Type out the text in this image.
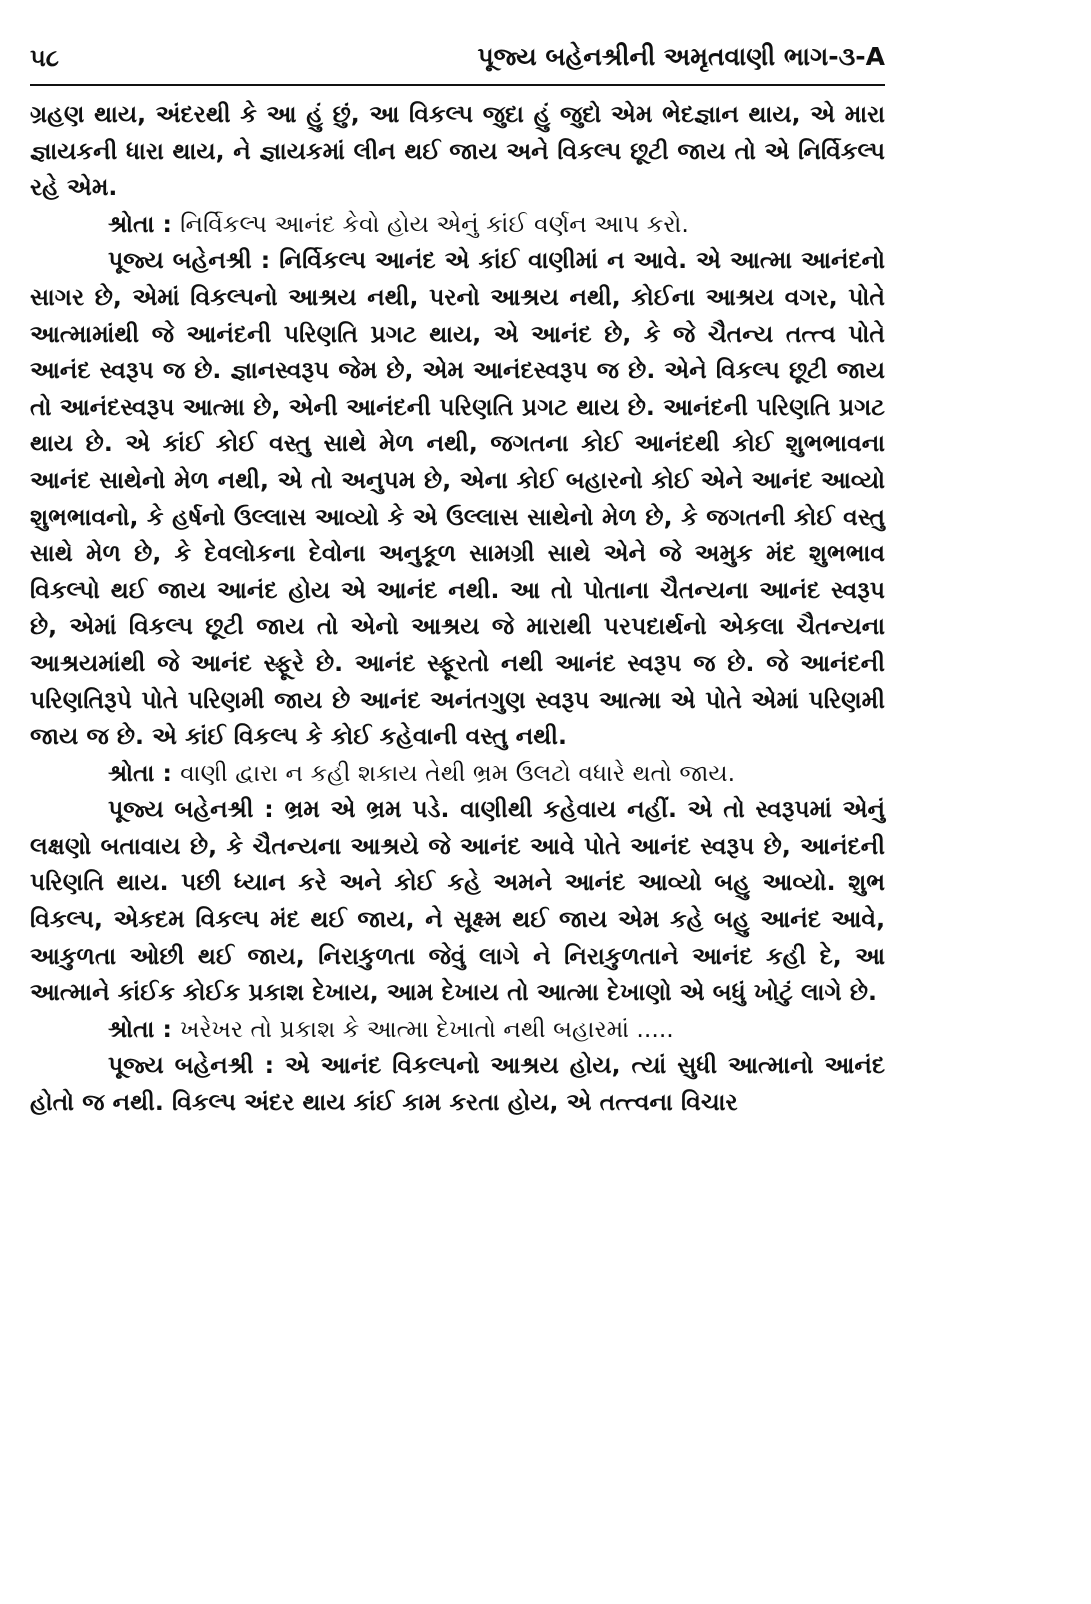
૫૮	પૂજ્ય બહેનશ્રીની અમૃતવાણી ભાગ-૩-A

ગ્રહણ થાય, અંદરથી કે આ હું છું, આ વિકલ્પ જુદા હું જુદો એમ ભેદજ્ઞાન થાય, એ મારા જ્ઞાયકની ધારા થાય, ને જ્ઞાયકમાં લીન થઈ જાય અને વિકલ્પ છૂટી જાય તો એ નિર્વિકલ્પ રહે એમ.

શ્રોતા : નિર્વિકલ્પ આનંદ કેવો હોય એનું કાંઈ વર્ણન આપ કરો.

પૂજ્ય બહેનશ્રી : નિર્વિકલ્પ આનંદ એ કાંઈ વાણીમાં ન આવે. એ આત્મા આનંદનો સાગર છે, એમાં વિકલ્પનો આશ્રય નથી, પરનો આશ્રય નથી, કોઈના આશ્રય વગર, પોતે આત્મામાંથી જે આનંદની પરિણતિ પ્રગટ થાય, એ આનંદ છે, કે જે ચૈતન્ય તત્ત્વ પોતે આનંદ સ્વરૂપ જ છે. જ્ઞાનસ્વરૂપ જેમ છે, એમ આનંદસ્વરૂપ જ છે. એને વિકલ્પ છૂટી જાય તો આનંદસ્વરૂપ આત્મા છે, એની આનંદની પરિણતિ પ્રગટ થાય છે. આનંદની પરિણતિ પ્રગટ થાય છે. એ કાંઈ કોઈ વસ્તુ સાથે મેળ નથી, જગતના કોઈ આનંદથી કોઈ શુભભાવના આનંદ સાથેનો મેળ નથી, એ તો અનુપમ છે, એના કોઈ બહારનો કોઈ એને આનંદ આવ્યો શુભભાવનો, કે હર્ષનો ઉલ્લાસ આવ્યો કે એ ઉલ્લાસ સાથેનો મેળ છે, કે જગતની કોઈ વસ્તુ સાથે મેળ છે, કે દેવલોકના દેવોના અનુકૂળ સામગ્રી સાથે એને જે અમુક મંદ શુભભાવ વિકલ્પો થઈ જાય આનંદ હોય એ આનંદ નથી. આ તો પોતાના ચૈતન્યના આનંદ સ્વરૂપ છે, એમાં વિકલ્પ છૂટી જાય તો એનો આશ્રય જે મારાથી પરપદાર્થનો એકલા ચૈતન્યના આશ્રયમાંથી જે આનંદ સ્ફૂરે છે. આનંદ સ્ફૂરતો નથી આનંદ સ્વરૂપ જ છે. જે આનંદની પરિણતિરૂપે પોતે પરિણમી જાય છે આનંદ અનંતગુણ સ્વરૂપ આત્મા એ પોતે એમાં પરિણમી જાય જ છે. એ કાંઈ વિકલ્પ કે કોઈ કહેવાની વસ્તુ નથી.

શ્રોતા : વાણી દ્વારા ન કહી શકાય તેથી ભ્રમ ઉલટો વધારે થતો જાય.

પૂજ્ય બહેનશ્રી : ભ્રમ એ ભ્રમ પડે. વાણીથી કહેવાય નહીં. એ તો સ્વરૂપમાં એનું લક્ષણો બતાવાય છે, કે ચૈતન્યના આશ્રયે જે આનંદ આવે પોતે આનંદ સ્વરૂપ છે, આનંદની પરિણતિ થાય. પછી ધ્યાન કરે અને કોઈ કહે અમને આનંદ આવ્યો બહુ આવ્યો. શુભ વિકલ્પ, એકદમ વિકલ્પ મંદ થઈ જાય, ને સૂક્ષ્મ થઈ જાય એમ કહે બહુ આનંદ આવે, આકુળતા ઓછી થઈ જાય, નિરાકુળતા જેવું લાગે ને નિરાકુળતાને આનંદ કહી દે, આ આત્માને કાંઈક કોઈક પ્રકાશ દેખાય, આમ દેખાય તો આત્મા દેખાણો એ બધું ખોટું લાગે છે.

શ્રોતા : ખરેખર તો પ્રકાશ કે આત્મા દેખાતો નથી બહારમાં .....

પૂજ્ય બહેનશ્રી : એ આનંદ વિકલ્પનો આશ્રય હોય, ત્યાં સુધી આત્માનો આનંદ હોતો જ નથી. વિકલ્પ અંદર થાય કાંઈ કામ કરતા હોય, એ તત્ત્વના વિચાર
